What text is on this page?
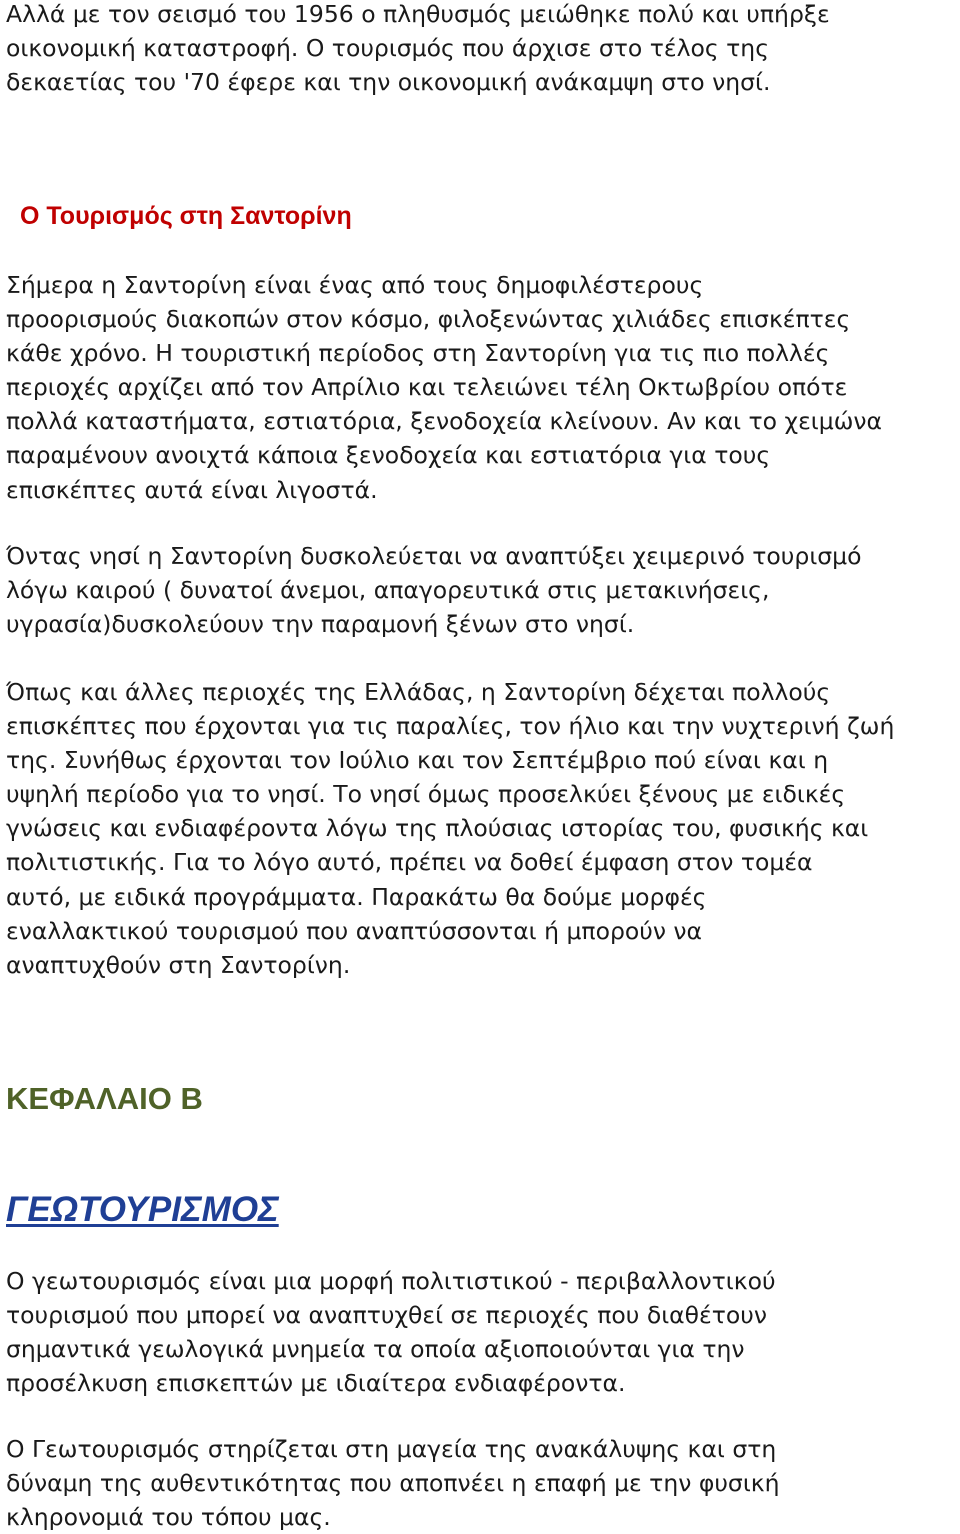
Αλλά με τον σεισμό του 1956 ο πληθυσμός μειώθηκε πολύ και υπήρξε
οικονομική καταστροφή. Ο τουρισμός που άρχισε στο τέλος της
δεκαετίας του '70 έφερε και την οικονομική ανάκαμψη στο νησί.

Ο Τουρισμός στη Σαντορίνη

Σήμερα η Σαντορίνη είναι ένας από τους δημοφιλέστερους
προορισμούς διακοπών στον κόσμο, φιλοξενώντας χιλιάδες επισκέπτες
κάθε χρόνο. Η τουριστική περίοδος στη Σαντορίνη για τις πιο πολλές
περιοχές αρχίζει από τον Απρίλιο και τελειώνει τέλη Οκτωβρίου οπότε
πολλά καταστήματα, εστιατόρια, ξενοδοχεία κλείνουν. Αν και το χειμώνα
παραμένουν ανοιχτά κάποια ξενοδοχεία και εστιατόρια για τους
επισκέπτες αυτά είναι λιγοστά.

Όντας νησί η Σαντορίνη δυσκολεύεται να αναπτύξει χειμερινό τουρισμό
λόγω καιρού ( δυνατοί άνεμοι, απαγορευτικά στις μετακινήσεις,
υγρασία)δυσκολεύουν την παραμονή ξένων στο νησί.

Όπως και άλλες περιοχές της Ελλάδας, η Σαντορίνη δέχεται πολλούς
επισκέπτες που έρχονται για τις παραλίες, τον ήλιο και την νυχτερινή ζωή
της. Συνήθως έρχονται τον Ιούλιο και τον Σεπτέμβριο πού είναι και η
υψηλή περίοδο για το νησί. Το νησί όμως προσελκύει ξένους με ειδικές
γνώσεις και ενδιαφέροντα λόγω της πλούσιας ιστορίας του, φυσικής και
πολιτιστικής. Για το λόγο αυτό, πρέπει να δοθεί έμφαση στον τομέα
αυτό, με ειδικά προγράμματα. Παρακάτω θα δούμε μορφές
εναλλακτικού τουρισμού που αναπτύσσονται ή μπορούν να
αναπτυχθούν στη Σαντορίνη.

ΚΕΦΑΛΑΙΟ Β
ΓΕΩΤΟΥΡΙΣΜΟΣ

Ο γεωτουρισμός είναι μια μορφή πολιτιστικού - περιβαλλοντικού
τουρισμού που μπορεί να αναπτυχθεί σε περιοχές που διαθέτουν
σημαντικά γεωλογικά μνημεία τα οποία αξιοποιούνται για την
προσέλκυση επισκεπτών με ιδιαίτερα ενδιαφέροντα.

Ο Γεωτουρισμός στηρίζεται στη μαγεία της ανακάλυψης και στη
δύναμη της αυθεντικότητας που αποπνέει η επαφή με την φυσική
κληρονομιά του τόπου μας.
